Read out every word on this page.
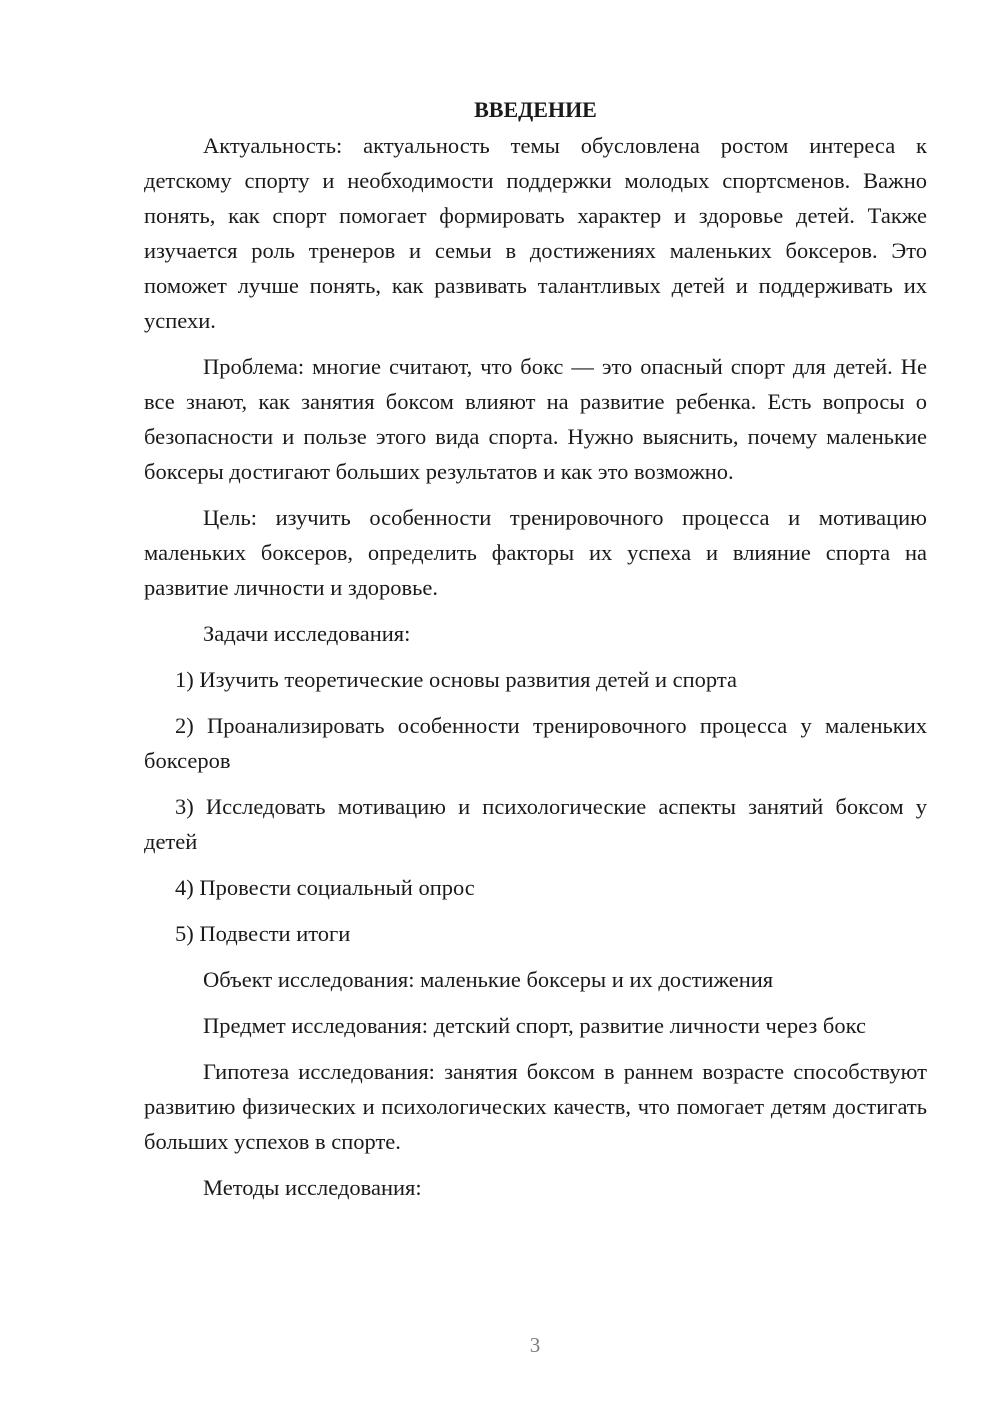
ВВЕДЕНИЕ

Актуальность: актуальность темы обусловлена ростом интереса к детскому спорту и необходимости поддержки молодых спортсменов. Важно понять, как спорт помогает формировать характер и здоровье детей. Также изучается роль тренеров и семьи в достижениях маленьких боксеров. Это поможет лучше понять, как развивать талантливых детей и поддерживать их успехи.

Проблема: многие считают, что бокс — это опасный спорт для детей. Не все знают, как занятия боксом влияют на развитие ребенка. Есть вопросы о безопасности и пользе этого вида спорта. Нужно выяснить, почему маленькие боксеры достигают больших результатов и как это возможно.

Цель: изучить особенности тренировочного процесса и мотивацию маленьких боксеров, определить факторы их успеха и влияние спорта на развитие личности и здоровье.

Задачи исследования:

1) Изучить теоретические основы развития детей и спорта

2) Проанализировать особенности тренировочного процесса у маленьких боксеров

3) Исследовать мотивацию и психологические аспекты занятий боксом у детей

4) Провести социальный опрос

5) Подвести итоги

Объект исследования: маленькие боксеры и их достижения

Предмет исследования: детский спорт, развитие личности через бокс

Гипотеза исследования: занятия боксом в раннем возрасте способствуют развитию физических и психологических качеств, что помогает детям достигать больших успехов в спорте.

Методы исследования:

3
